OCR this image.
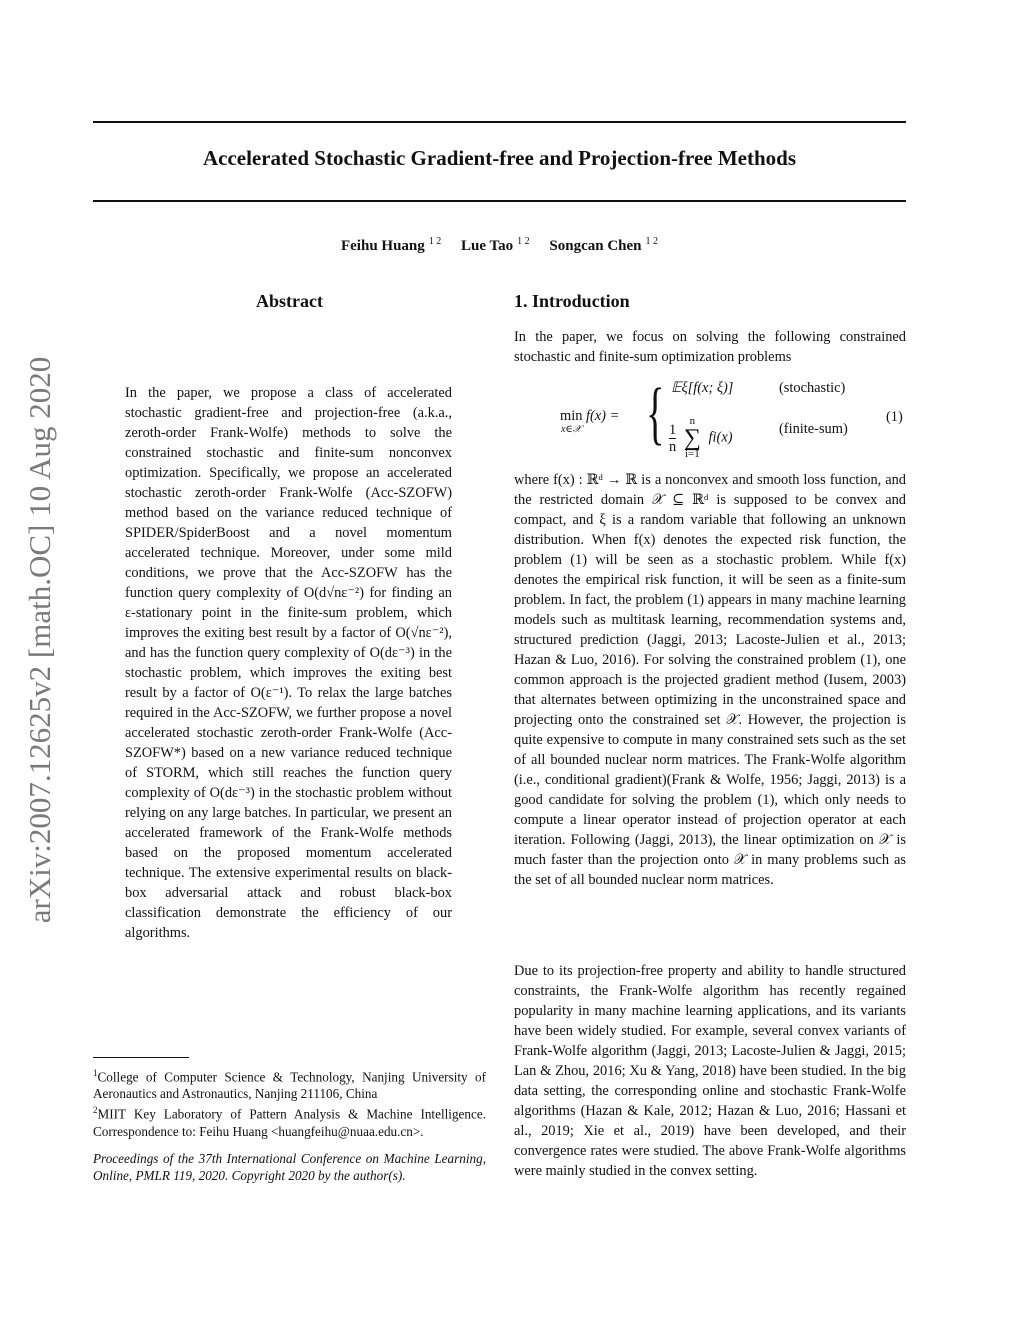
Accelerated Stochastic Gradient-free and Projection-free Methods
Feihu Huang $^{1 2}$ Lue Tao $^{1 2}$ Songcan Chen $^{1 2}$
arXiv:2007.12625v2 [math.OC] 10 Aug 2020
Abstract
In the paper, we propose a class of accelerated stochastic gradient-free and projection-free (a.k.a., zeroth-order Frank-Wolfe) methods to solve the constrained stochastic and finite-sum nonconvex optimization. Specifically, we propose an accelerated stochastic zeroth-order Frank-Wolfe (Acc-SZOFW) method based on the variance reduced technique of SPIDER/SpiderBoost and a novel momentum accelerated technique. Moreover, under some mild conditions, we prove that the Acc-SZOFW has the function query complexity of O(d√nε⁻²) for finding an ε-stationary point in the finite-sum problem, which improves the exiting best result by a factor of O(√nε⁻²), and has the function query complexity of O(dε⁻³) in the stochastic problem, which improves the exiting best result by a factor of O(ε⁻¹). To relax the large batches required in the Acc-SZOFW, we further propose a novel accelerated stochastic zeroth-order Frank-Wolfe (Acc-SZOFW*) based on a new variance reduced technique of STORM, which still reaches the function query complexity of O(dε⁻³) in the stochastic problem without relying on any large batches. In particular, we present an accelerated framework of the Frank-Wolfe methods based on the proposed momentum accelerated technique. The extensive experimental results on black-box adversarial attack and robust black-box classification demonstrate the efficiency of our algorithms.
1. Introduction
In the paper, we focus on solving the following constrained stochastic and finite-sum optimization problems
min
x∈𝒳
f(x) = { 𝔼ξ[f(x; ξ)]	(stochastic)
$\frac{1}{n}$
n
∑
i=1 fi(x)
(finite-sum)
(1)
where f(x) : ℝᵈ → ℝ is a nonconvex and smooth loss function, and the restricted domain 𝒳 ⊆ ℝᵈ is supposed to be convex and compact, and ξ is a random variable that following an unknown distribution. When f(x) denotes the expected risk function, the problem (1) will be seen as a stochastic problem. While f(x) denotes the empirical risk function, it will be seen as a finite-sum problem. In fact, the problem (1) appears in many machine learning models such as multitask learning, recommendation systems and, structured prediction (Jaggi, 2013; Lacoste-Julien et al., 2013; Hazan & Luo, 2016). For solving the constrained problem (1), one common approach is the projected gradient method (Iusem, 2003) that alternates between optimizing in the unconstrained space and projecting onto the constrained set 𝒳. However, the projection is quite expensive to compute in many constrained sets such as the set of all bounded nuclear norm matrices. The Frank-Wolfe algorithm (i.e., conditional gradient)(Frank & Wolfe, 1956; Jaggi, 2013) is a good candidate for solving the problem (1), which only needs to compute a linear operator instead of projection operator at each iteration. Following (Jaggi, 2013), the linear optimization on 𝒳 is much faster than the projection onto 𝒳 in many problems such as the set of all bounded nuclear norm matrices.
Due to its projection-free property and ability to handle structured constraints, the Frank-Wolfe algorithm has recently regained popularity in many machine learning applications, and its variants have been widely studied. For example, several convex variants of Frank-Wolfe algorithm (Jaggi, 2013; Lacoste-Julien & Jaggi, 2015; Lan & Zhou, 2016; Xu & Yang, 2018) have been studied. In the big data setting, the corresponding online and stochastic Frank-Wolfe algorithms (Hazan & Kale, 2012; Hazan & Luo, 2016; Hassani et al., 2019; Xie et al., 2019) have been developed, and their convergence rates were studied. The above Frank-Wolfe algorithms were mainly studied in the convex setting.
$^1$College of Computer Science & Technology, Nanjing University of Aeronautics and Astronautics, Nanjing 211106, China
$^2$MIIT Key Laboratory of Pattern Analysis & Machine Intelligence. Correspondence to: Feihu Huang <huangfeihu@nuaa.edu.cn>.
Proceedings of the 37th International Conference on Machine Learning, Online, PMLR 119, 2020. Copyright 2020 by the author(s).
